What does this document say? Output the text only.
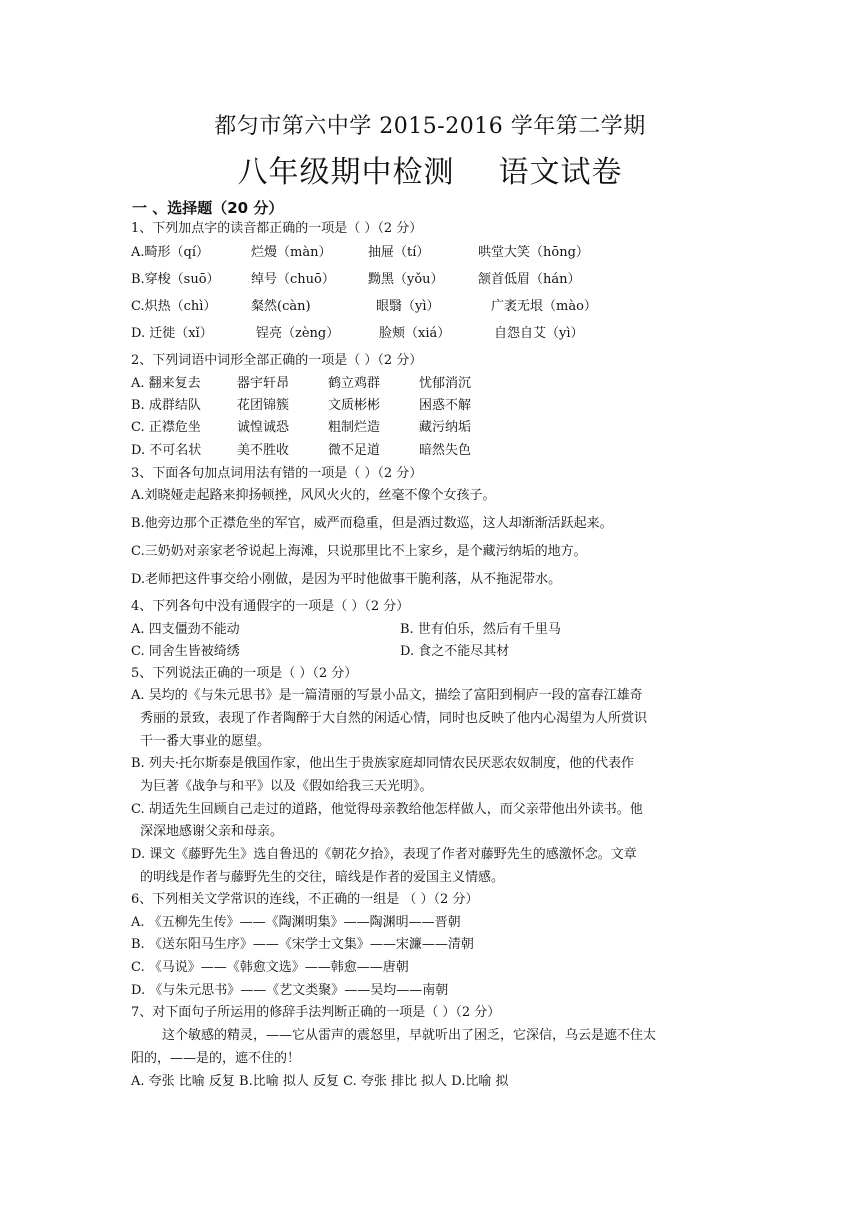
都匀市第六中学 2015-2016 学年第二学期
八年级期中检测 语文试卷
一 、选择题（20 分）
1、下列加点字的读音都正确的一项是（ ）（2 分）
A.畸形（qí）	烂熳（màn）	抽屉（tí）	哄堂大笑（hōng）
B.穿梭（suō） 绰号（chuō）	黝黑（yǒu）	颔首低眉（hán）
C.炽热（chì）	粲然(càn)	眼翳（yì）	广袤无垠（mào）
D. 迁徙（xǐ）	锃亮（zèng）	脸颊（xiá）	自怨自艾（yì）
2、下列词语中词形全部正确的一项是（ ）（2 分）
A. 翻来复去	器宇轩昂	鹤立鸡群	忧郁消沉
B. 成群结队	花团锦簇	文质彬彬	困惑不解
C. 正襟危坐	诚惶诚恐	粗制烂造	藏污纳垢
D. 不可名状	美不胜收	微不足道	暗然失色
3、下面各句加点词用法有错的一项是（ ）（2 分）
A.刘晓娅走起路来抑扬顿挫，风风火火的，丝毫不像个女孩子。
B.他旁边那个正襟危坐的军官，威严而稳重，但是酒过数巡，这人却渐渐活跃起来。
C.三奶奶对亲家老爷说起上海滩，只说那里比不上家乡，是个藏污纳垢的地方。
D.老师把这件事交给小刚做，是因为平时他做事干脆利落，从不拖泥带水。
4、下列各句中没有通假字的一项是（ ）（2 分）
A. 四支僵劲不能动	B. 世有伯乐，然后有千里马
C. 同舍生皆被绮绣	D. 食之不能尽其材
5、下列说法正确的一项是（ ）（2 分）
A. 吴均的《与朱元思书》是一篇清丽的写景小品文，描绘了富阳到桐庐一段的富春江雄奇
秀丽的景致，表现了作者陶醉于大自然的闲适心情，同时也反映了他内心渴望为人所赏识
干一番大事业的愿望。
B. 列夫·托尔斯泰是俄国作家，他出生于贵族家庭却同情农民厌恶农奴制度，他的代表作
为巨著《战争与和平》以及《假如给我三天光明》。
C. 胡适先生回顾自己走过的道路，他觉得母亲教给他怎样做人，而父亲带他出外读书。他
深深地感谢父亲和母亲。
D. 课文《藤野先生》选自鲁迅的《朝花夕拾》，表现了作者对藤野先生的感激怀念。文章
的明线是作者与藤野先生的交往，暗线是作者的爱国主义情感。
6、下列相关文学常识的连线，不正确的一组是 （ ）（2 分）
A. 《五柳先生传》——《陶渊明集》——陶渊明——晋朝
B. 《送东阳马生序》——《宋学士文集》——宋濂——清朝
C. 《马说》——《韩愈文选》——韩愈——唐朝
D. 《与朱元思书》——《艺文类聚》——吴均——南朝
7、对下面句子所运用的修辞手法判断正确的一项是（ ）（2 分）
这个敏感的精灵，——它从雷声的震怒里，早就听出了困乏，它深信，乌云是遮不住太
阳的，——是的，遮不住的！
A. 夸张 比喻 反复 B.比喻 拟人 反复 C. 夸张 排比 拟人 D.比喻 拟
